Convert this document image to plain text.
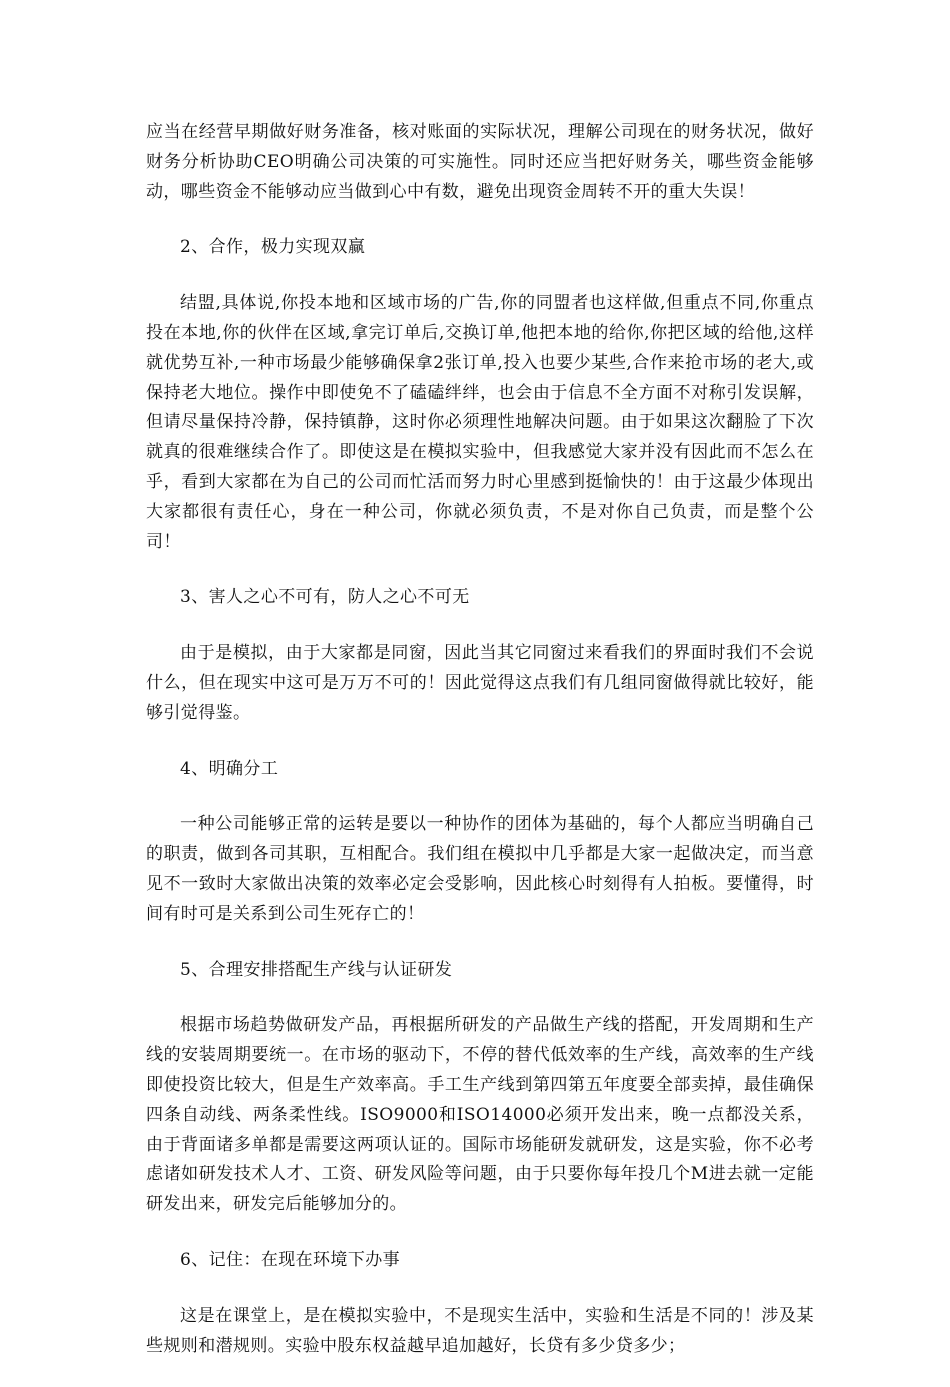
应当在经营早期做好财务准备，核对账面的实际状况，理解公司现在的财务状况，做好财务分析协助CEO明确公司决策的可实施性。同时还应当把好财务关，哪些资金能够动，哪些资金不能够动应当做到心中有数，避免出现资金周转不开的重大失误！

2、合作，极力实现双赢

结盟,具体说,你投本地和区域市场的广告,你的同盟者也这样做,但重点不同,你重点投在本地,你的伙伴在区域,拿完订单后,交换订单,他把本地的给你,你把区域的给他,这样就优势互补,一种市场最少能够确保拿2张订单,投入也要少某些,合作来抢市场的老大,或保持老大地位。操作中即使免不了磕磕绊绊，也会由于信息不全方面不对称引发误解，但请尽量保持冷静，保持镇静，这时你必须理性地解决问题。由于如果这次翻脸了下次就真的很难继续合作了。即使这是在模拟实验中，但我感觉大家并没有因此而不怎么在乎，看到大家都在为自己的公司而忙活而努力时心里感到挺愉快的！由于这最少体现出大家都很有责任心，身在一种公司，你就必须负责，不是对你自己负责，而是整个公司！

3、害人之心不可有，防人之心不可无

由于是模拟，由于大家都是同窗，因此当其它同窗过来看我们的界面时我们不会说什么，但在现实中这可是万万不可的！因此觉得这点我们有几组同窗做得就比较好，能够引觉得鉴。

4、明确分工

一种公司能够正常的运转是要以一种协作的团体为基础的，每个人都应当明确自己的职责，做到各司其职，互相配合。我们组在模拟中几乎都是大家一起做决定，而当意见不一致时大家做出决策的效率必定会受影响，因此核心时刻得有人拍板。要懂得，时间有时可是关系到公司生死存亡的！

5、合理安排搭配生产线与认证研发

根据市场趋势做研发产品，再根据所研发的产品做生产线的搭配，开发周期和生产线的安装周期要统一。在市场的驱动下，不停的替代低效率的生产线，高效率的生产线即使投资比较大，但是生产效率高。手工生产线到第四第五年度要全部卖掉，最佳确保四条自动线、两条柔性线。ISO9000和ISO14000必须开发出来，晚一点都没关系，由于背面诸多单都是需要这两项认证的。国际市场能研发就研发，这是实验，你不必考虑诸如研发技术人才、工资、研发风险等问题，由于只要你每年投几个M进去就一定能研发出来，研发完后能够加分的。

6、记住：在现在环境下办事

这是在课堂上，是在模拟实验中，不是现实生活中，实验和生活是不同的！涉及某些规则和潜规则。实验中股东权益越早追加越好，长贷有多少贷多少；
